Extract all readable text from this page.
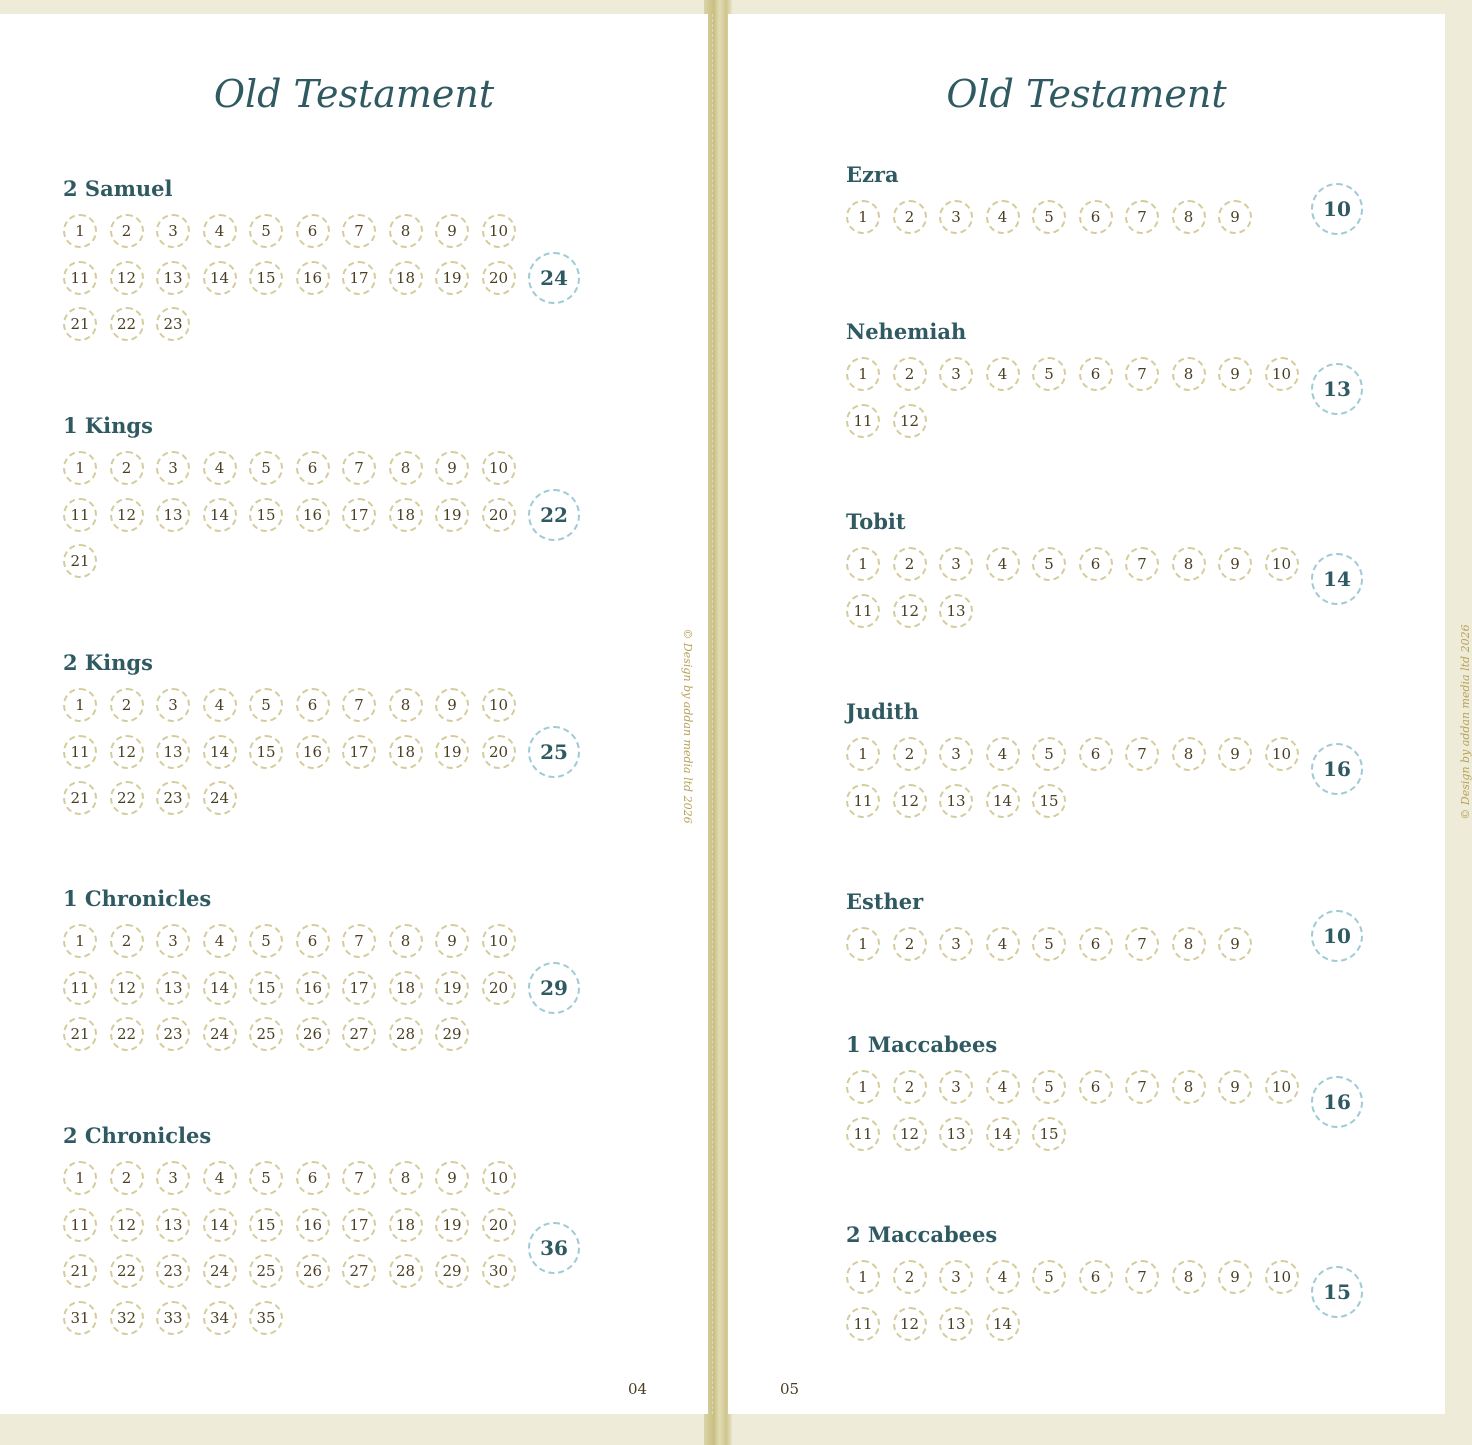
Old Testament
2 Samuel
1	2	3	4	5	6	7	8	9	10
11	12	13	14	15	16	17	18	19	20
21	22	23
24
1 Kings
1	2	3	4	5	6	7	8	9	10
11	12	13	14	15	16	17	18	19	20
21
22
2 Kings
1	2	3	4	5	6	7	8	9	10
11	12	13	14	15	16	17	18	19	20
21	22	23	24
25
1 Chronicles
1	2	3	4	5	6	7	8	9	10
11	12	13	14	15	16	17	18	19	20
21	22	23	24	25	26	27	28	29
29
2 Chronicles
1	2	3	4	5	6	7	8	9	10
11	12	13	14	15	16	17	18	19	20
21	22	23	24	25	26	27	28	29	30
31	32	33	34	35
36
© Design by addan media ltd 2026
04
Old Testament
Ezra
1	2	3	4	5	6	7	8	9	10
Nehemiah
1	2	3	4	5	6	7	8	9	10
11	12
13
Tobit
1	2	3	4	5	6	7	8	9	10
11	12	13
14
Judith
1	2	3	4	5	6	7	8	9	10
11	12	13	14	15
16
Esther
1	2	3	4	5	6	7	8	9	10
1 Maccabees
1	2	3	4	5	6	7	8	9	10
11	12	13	14	15
16
2 Maccabees
1	2	3	4	5	6	7	8	9	10
11	12	13	14
15
© Design by addan media ltd 2026
05
